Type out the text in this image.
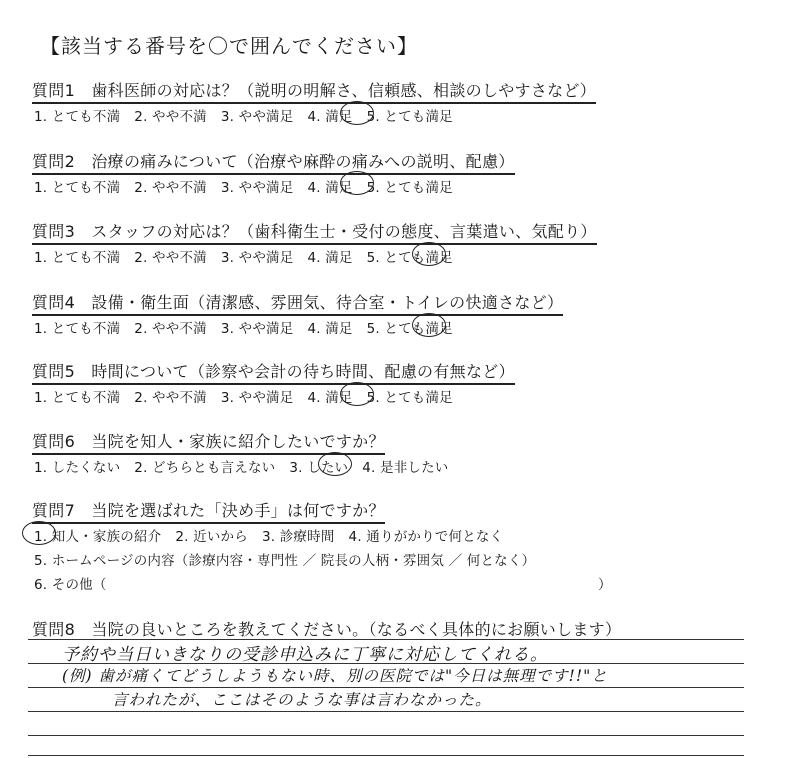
【該当する番号を〇で囲んでください】
質問1　歯科医師の対応は？（説明の明解さ、信頼感、相談のしやすさなど）
1. とても不満 2. やや不満 3. やや満足 4. 満足 5. とても満足
質問2　治療の痛みについて（治療や麻酔の痛みへの説明、配慮）
1. とても不満 2. やや不満 3. やや満足 4. 満足 5. とても満足
質問3　スタッフの対応は？（歯科衛生士・受付の態度、言葉遣い、気配り）
1. とても不満 2. やや不満 3. やや満足 4. 満足 5. とても満足
質問4　設備・衛生面（清潔感、雰囲気、待合室・トイレの快適さなど）
1. とても不満 2. やや不満 3. やや満足 4. 満足 5. とても満足
質問5　時間について（診察や会計の待ち時間、配慮の有無など）
1. とても不満 2. やや不満 3. やや満足 4. 満足 5. とても満足
質問6　当院を知人・家族に紹介したいですか？
1. したくない 2. どちらとも言えない 3. したい 4. 是非したい
質問7　当院を選ばれた「決め手」は何ですか？
1. 知人・家族の紹介 2. 近いから 3. 診療時間 4. 通りがかりで何となく
5. ホームページの内容（診療内容・専門性 ／ 院長の人柄・雰囲気 ／ 何となく）
6. その他（	）
質問8　当院の良いところを教えてください。（なるべく具体的にお願いします）
予約や当日いきなりの受診申込みに丁寧に対応してくれる。
(例) 歯が痛くてどうしようもない時、別の医院では"今日は無理です!!"と
言われたが、ここはそのような事は言わなかった。
